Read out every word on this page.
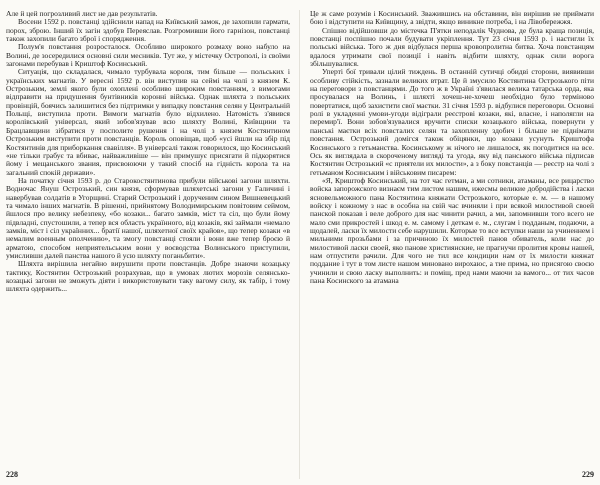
Але й цей погрозливий лист не дав результатів.

Восени 1592 р. повстанці здійснили напад на Київський замок, де захопили гармати, порох, зброю. Інший їх загін здобув Переяслав. Розгромивши його гарнізон, повстанці також захопили багато зброї і спорядження.

Полум'я повстання розросталося. Особливо широкого розмаху воно набуло на Волині, де зосередилися основні сили месників. Тут же, у містечку Острополі, із своїми загонами перебував і Криштоф Косинський.

Ситуація, що складалася, чимало турбувала короля, тим більше — польських і українських магнатів. У вересні 1592 р. він виступив на сеймі на чолі з князем К. Острозьким, землі якого були охоплені особливо широким повстанням, з вимогами відправити на придушення бунтівників коронні війська. Однак шляхта з польських провінцій, боячись залишитися без підтримки у випадку повстання селян у Центральній Польщі, виступила проти. Вимоги магнатів було відхилено. Натомість з'явився королівський універсал, який зобов'язував всю шляхту Волині, Київщини та Брацлавщини зібратися у посполите рушення і на чолі з князем Костянтином Острозьким виступити проти повстанців. Король оповіщав, щоб «усі йшли на збір під Костянтинів для приборкання свавілля». В універсалі також говорилося, що Косинський «не тільки грабує та вбиває, найважливіше — він примушує присягати й підкорятися йому і мещанського звания, присвоюючи у такий спосіб на гідність корола та на загальний спокій держави».

На початку січня 1593 р. до Старокостянтинова прибули військові загони шляхти. Водночас Януш Острозький, син князя, сформував шляхетські загони у Галичині і навербував солдатів в Угорщині. Старий Острозький і дорученим сином Вишневецький та чимало інших магнатів. В рішенні, прийнятому Володимирським повітовим сеймом, йшлося про велику небезпеку, «бо козаки... багато замків, міст та сіл, що були йому підвладні, спустошили, а тепер вся область українного, від козаків, які займали «немало замків, міст і сіл українних... братії нашої, шляхетної своїх крайов», що тепер козаки «в немалим военным ополчению», та змогу повстанці стояли і вони вже тепер броєю й арматою, способом неприятельським вони у воєводства Волинського приступили, умисливши далей панства нашого й усю шляхту поганьбити».

Шляхта вирішила негайно вирушити проти повстанців. Добре знаючи козацьку тактику, Костянтин Острозький розрахував, що в умовах лютих морозів селянсько-козацькі загони не зможуть діяти і використовувати таку вагому силу, як табір, і тому шляхта одержить...

228

Це ж саме розумів і Косинський. Зважившись на обставини, він вирішив не приймати бою і відступити на Київщину, а звідти, якщо виникне потреба, і на Лівобережжя.

Спішно відійшовши до містечка П'ятки неподалік Чуднова, де була краща позиція, повстанці поспішно почали будувати укріплення. Тут 23 січня 1593 р. і настигли їх польські війська. Того ж дня відбулася перша кровопролитна битва. Хоча повстанцям вдалося утримати свої позиції і навіть відбити шляхту, однак сили ворога збільшувалися.

Уперті бої тривали цілий тиждень. В останній сутичці обидві сторони, виявивши особливу стійкість, зазнали великих втрат. Це й змусило Костянтина Острозького піти на переговори з повстанцями. До того ж в Україні з'явилася велика татарська орда, яка просувалася на Волинь, і шляхті хочеш-не-хочеш необхідно було терміново повертатися, щоб захистити свої маєтки. 31 січня 1593 р. відбулися переговори. Основні ролі в укладенні умови-угоди відіграли реєстрові козаки, які, власне, і наполягли на перемир'ї. Вони зобов'язувалися вручити списки козацького війська, повернути у панські маєтки всіх повсталих селян та захопленну здобич і більше не піднімати повстання. Острозький домігся також обіцянки, що козаки усунуть Криштофа Косинського з гетьманства. Косинському ж нічого не лишалося, як погодитися на все. Ось як виглядала в скороченому вигляді та угода, яку від панського війська підписав Костянтин Острозький «с приятели их милости», а з боку повстанців — реєстр на чолі з гетьманом Косинським і військовим писарем:

«Я, Криштоф Косинський, на тот час гетман, а ми сотники, атаманы, все рицарство войска запорожского визнаєм тим листом нашим, ижесмы великие добродійства і ласки ясновельможного пана Костянтина княжати Острозького, которые е. м. — в нашому войску і кожному з нас в особна на свій час вчиняли і при всякой милостивой своей панской показав і веле доброго для нас чинити рачил, а ми, запомнивши того всего не мало сми прикростей і шкод е. м. самому і деткам е. м., слугам і подданым, подаючи, а щодалей, ласки їх милости себе нарушили. Которые то все вступки наши за учиненнем і мильними прозьбами і за причиною їх милостей панов обиватель, коли нас до милостивой ласки своей, яко панове християнские, не прагнучи пролития кровы нашей, нам отпустити рачили. Для чого не тил все кондиции нам от їх милости княжат поддание і тут в том листе нашом миновано вирохаюс, а тие прима, но присягою своєю учинили и свою ласку выполнить: и поміщ, пред нами маючи за вамого... от тих часов пана Косинского за атамана

229
